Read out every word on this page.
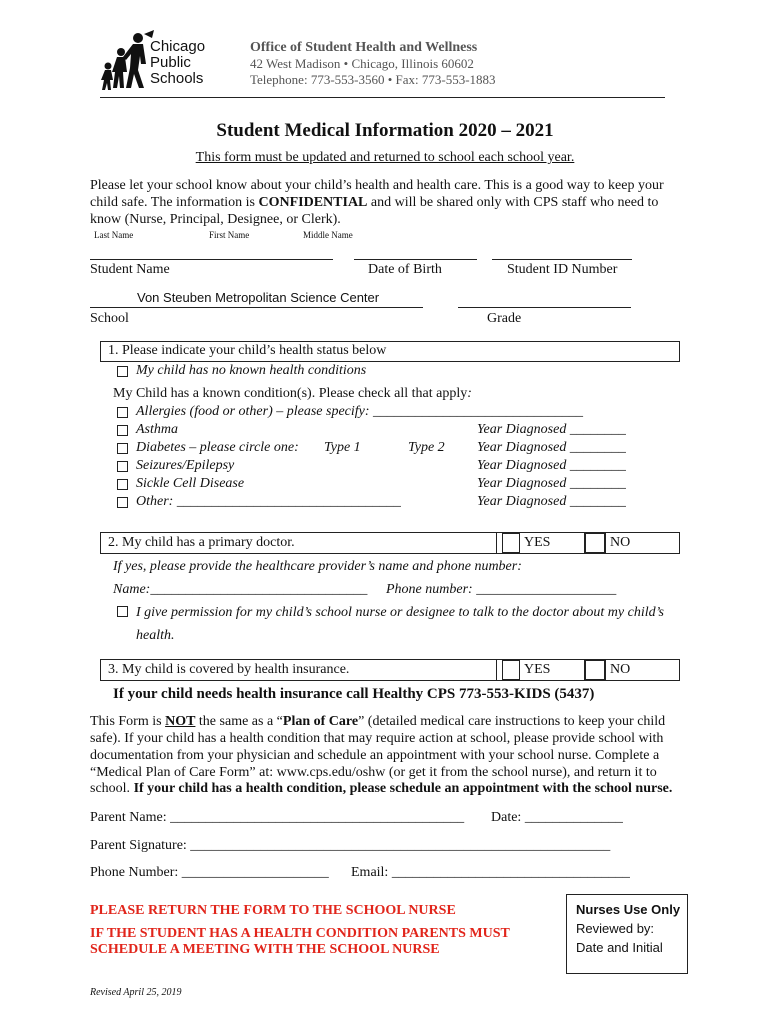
Chicago
Public
Schools
Office of Student Health and Wellness
42 West Madison • Chicago, Illinois 60602
Telephone: 773-553-3560 • Fax: 773-553-1883
Student Medical Information 2020 – 2021
This form must be updated and returned to school each school year.
Please let your school know about your child’s health and health care. This is a good way to keep your
child safe. The information is CONFIDENTIAL and will be shared only with CPS staff who need to
know (Nurse, Principal, Designee, or Clerk).
Last Name	First Name	Middle Name
Student Name	Date of Birth	Student ID Number
Von Steuben Metropolitan Science Center
School	Grade
1. Please indicate your child’s health status below
My child has no known health conditions
My Child has a known condition(s). Please check all that apply:
Allergies (food or other) – please specify: ______________________________
Asthma	Year Diagnosed ________
Diabetes – please circle one: Type 1	Type 2 Year Diagnosed ________
Seizures/Epilepsy	Year Diagnosed ________
Sickle Cell Disease	Year Diagnosed ________
Other: ________________________________	Year Diagnosed ________
2. My child has a primary doctor.	YES	NO
If yes, please provide the healthcare provider’s name and phone number:
Name:_______________________________ Phone number: ____________________
I give permission for my child’s school nurse or designee to talk to the doctor about my child’s
health.
3. My child is covered by health insurance.	YES	NO
If your child needs health insurance call Healthy CPS 773-553-KIDS (5437)
This Form is NOT the same as a “Plan of Care” (detailed medical care instructions to keep your child
safe). If your child has a health condition that may require action at school, please provide school with
documentation from your physician and schedule an appointment with your school nurse. Complete a
“Medical Plan of Care Form” at: www.cps.edu/oshw (or get it from the school nurse), and return it to
school. If your child has a health condition, please schedule an appointment with the school nurse.
Parent Name: __________________________________________ Date: ______________
Parent Signature: ____________________________________________________________
Phone Number: _____________________ Email: __________________________________
PLEASE RETURN THE FORM TO THE SCHOOL NURSE
IF THE STUDENT HAS A HEALTH CONDITION PARENTS MUST
SCHEDULE A MEETING WITH THE SCHOOL NURSE
Nurses Use Only
Reviewed by:
Date and Initial
Revised April 25, 2019
